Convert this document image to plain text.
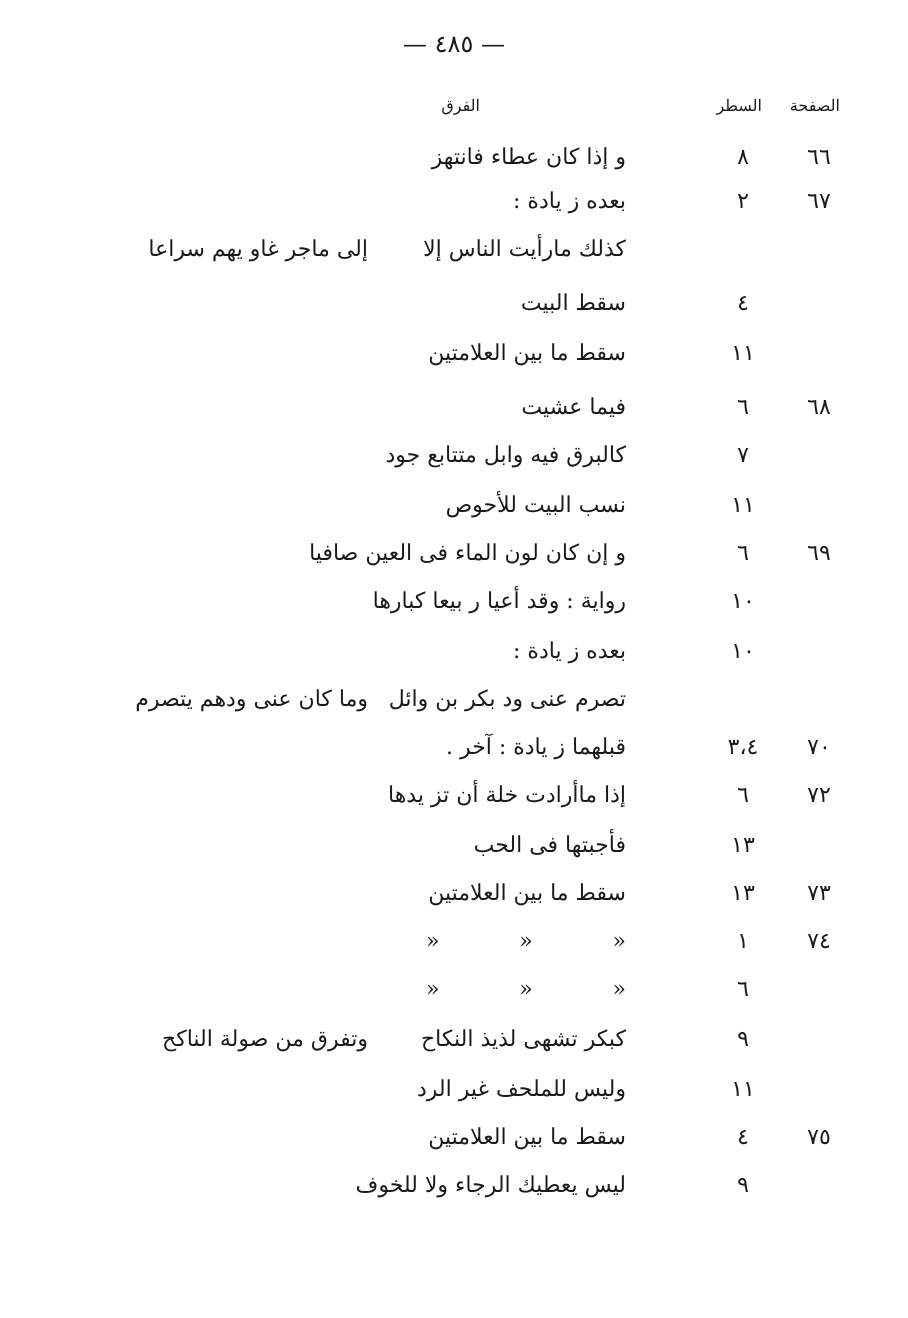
— ٤٨٥ —
الصفحة
السطر
الفرق
٦٦
٨
و إذا كان عطاء فانتهز
٦٧
٢
بعده ز يادة :
كذلك مارأيت الناس إلا
إلى ماجر غاو يهم سراعا
٤
سقط البيت
١١
سقط ما بين العلامتين
٦٨
٦
فيما عشيت
٧
كالبرق فيه وابل متتابع جود
١١
نسب البيت للأحوص
٦٩
٦
و إن كان لون الماء فى العين صافيا
١٠
رواية : وقد أعيا ر بيعا كبارها
١٠
بعده ز يادة :
تصرم عنى ود بكر بن وائل
وما كان عنى ودهم يتصرم
٧٠
٣،٤
قبلهما ز يادة : آخر .
٧٢
٦
إذا ماأرادت خلة أن تز يدها
١٣
فأجبتها فى الحب
٧٣
١٣
سقط ما بين العلامتين
٧٤
١
«
«
«
٦
«
«
«
٩
كبكر تشهى لذيذ النكاح
وتفرق من صولة الناكح
١١
وليس للملحف غير الرد
٧٥
٤
سقط ما بين العلامتين
٩
ليس يعطيك الرجاء ولا للخوف
